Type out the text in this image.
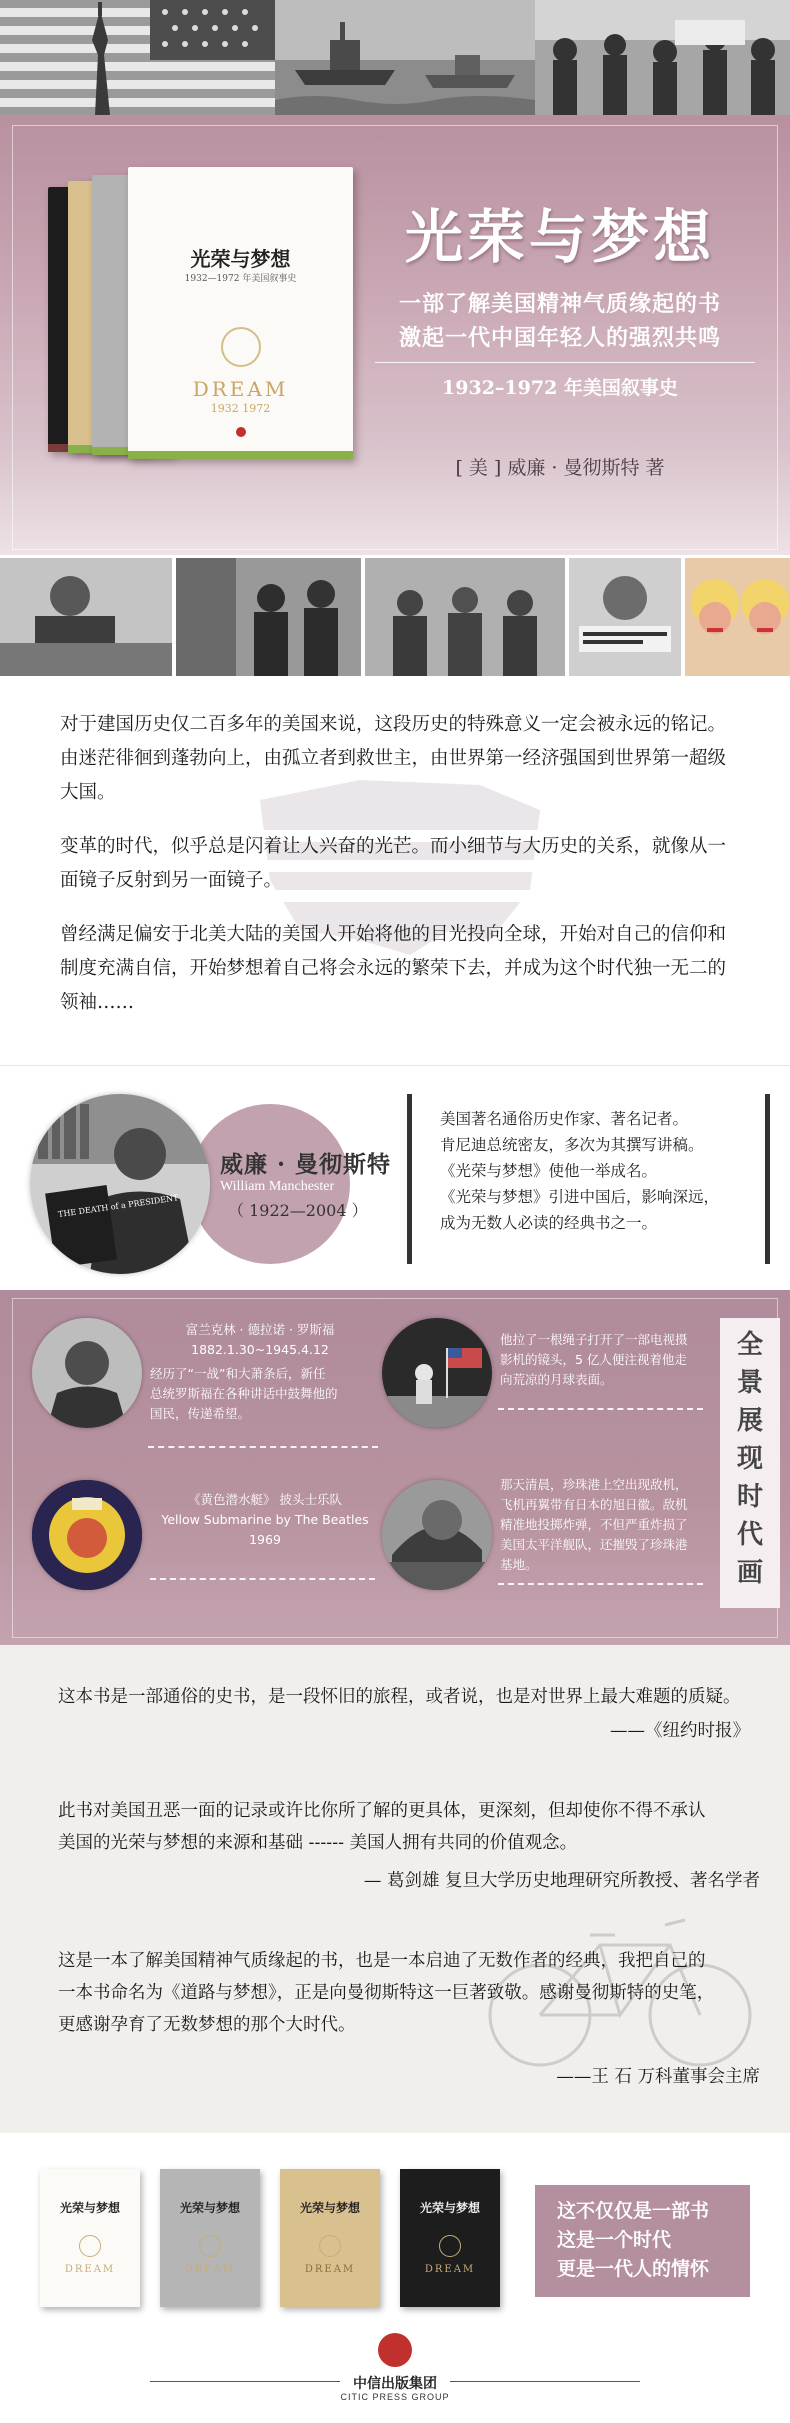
光荣与梦想
1932—1972 年美国叙事史
DREAM
1932 1972
光荣与梦想
一部了解美国精神气质缘起的书
激起一代中国年轻人的强烈共鸣
1932–1972 年美国叙事史
[ 美 ] 威廉 · 曼彻斯特 著

对于建国历史仅二百多年的美国来说，这段历史的特殊意义一定会被永远的铭记。由迷茫徘徊到蓬勃向上，由孤立者到救世主，由世界第一经济强国到世界第一超级大国。

变革的时代，似乎总是闪着让人兴奋的光芒。而小细节与大历史的关系，就像从一面镜子反射到另一面镜子。

曾经满足偏安于北美大陆的美国人开始将他的目光投向全球，开始对自己的信仰和制度充满自信，开始梦想着自己将会永远的繁荣下去，并成为这个时代独一无二的领袖……

THE DEATH of a PRESIDENT
威廉 · 曼彻斯特
William Manchester
（ 1922—2004 ）
美国著名通俗历史作家、著名记者。
肯尼迪总统密友，多次为其撰写讲稿。
《光荣与梦想》使他一举成名。
《光荣与梦想》引进中国后，影响深远，
成为无数人必读的经典书之一。
富兰克林 · 德拉诺 · 罗斯福
1882.1.30~1945.4.12
经历了“一战”和大萧条后，新任
总统罗斯福在各种讲话中鼓舞他的
国民，传递希望。
他拉了一根绳子打开了一部电视摄
影机的镜头，5 亿人便注视着他走
向荒凉的月球表面。
《黄色潜水艇》 披头士乐队
Yellow Submarine by The Beatles
1969
那天清晨，珍珠港上空出现敌机，
飞机再翼带有日本的旭日徽。敌机
精准地投掷炸弹，不但严重炸损了
美国太平洋舰队，还摧毁了珍珠港
基地。
全
景
展
现
时
代
画
这本书是一部通俗的史书，是一段怀旧的旅程，或者说，也是对世界上最大难题的质疑。
——《纽约时报》
此书对美国丑恶一面的记录或许比你所了解的更具体，更深刻，但却使你不得不承认
美国的光荣与梦想的来源和基础 ------ 美国人拥有共同的价值观念。
— 葛剑雄 复旦大学历史地理研究所教授、著名学者
这是一本了解美国精神气质缘起的书，也是一本启迪了无数作者的经典，我把自己的
一本书命名为《道路与梦想》，正是向曼彻斯特这一巨著致敬。感谢曼彻斯特的史笔，
更感谢孕育了无数梦想的那个大时代。
——王 石 万科董事会主席
光荣与梦想
DREAM
光荣与梦想
DREAM
光荣与梦想
DREAM
光荣与梦想
DREAM
这不仅仅是一部书
这是一个时代
更是一代人的情怀
中信出版集团
CITIC PRESS GROUP
